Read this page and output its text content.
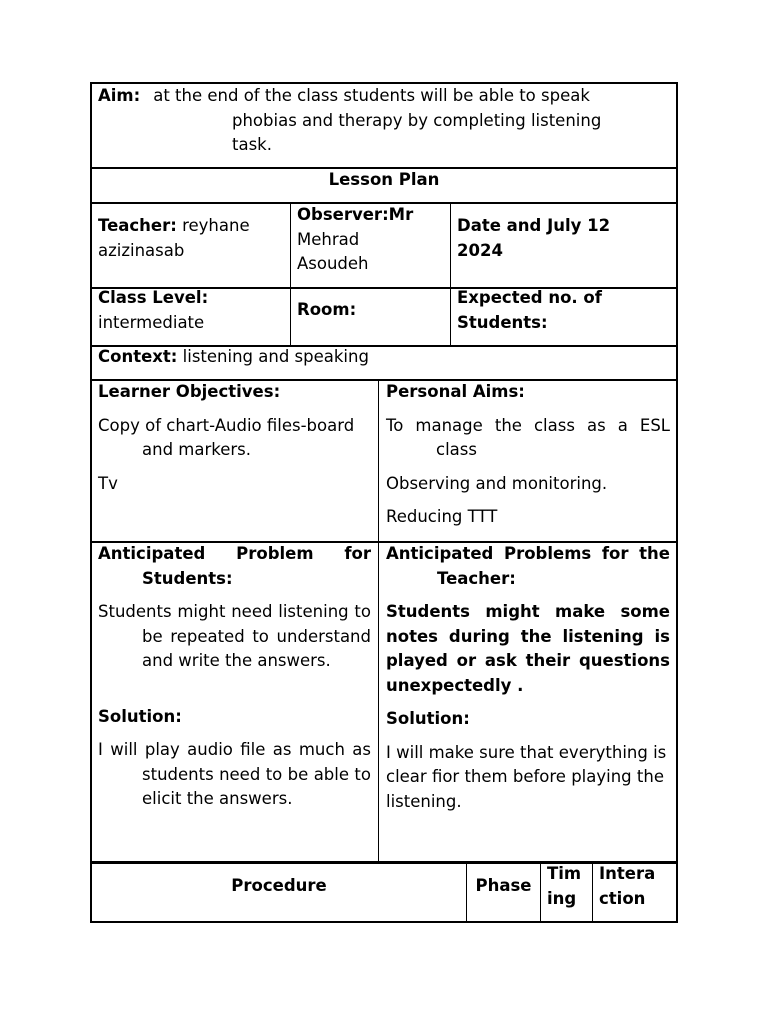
Aim: at the end of the class students will be able to speak

phobias and therapy by completing listening

task.

Lesson Plan

Teacher: reyhane

azizinasab

Observer:Mr

Mehrad

Asoudeh

Date and July 12

2024

Class Level:

intermediate

Room:

Expected no. of

Students:

Context: listening and speaking

Learner Objectives:

Copy of chart-Audio files-board and markers.

Tv

Personal Aims:

To manage the class as a ESL class

Observing and monitoring.

Reducing TTT

Anticipated Problem for Students:

Students might need listening to be repeated to understand and write the answers.

Solution:

I will play audio file as much as students need to be able to elicit the answers.

Anticipated Problems for the Teacher:

Students might make some notes during the listening is played or ask their questions unexpectedly .

Solution:

I will make sure that everything is clear fior them before playing the listening.

Procedure	Phase

Tim

ing

Intera

ction
